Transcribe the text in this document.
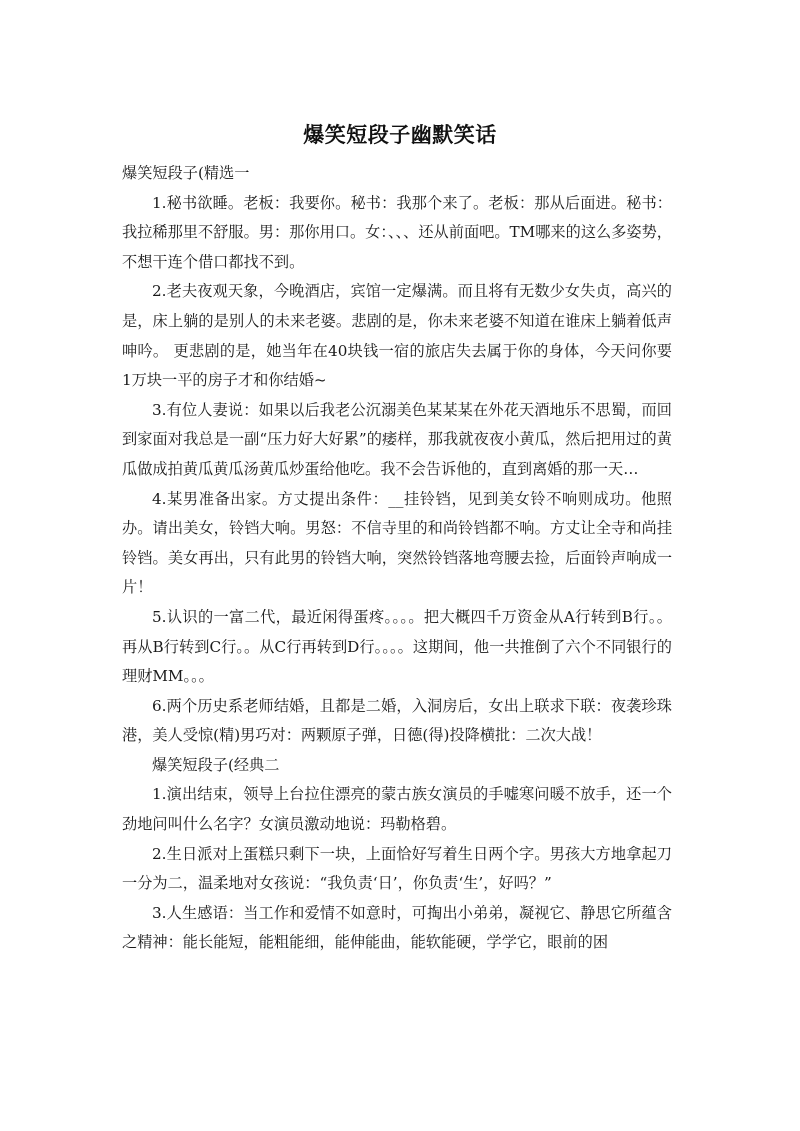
爆笑短段子幽默笑话

爆笑短段子(精选一

1.秘书欲睡。老板：我要你。秘书：我那个来了。老板：那从后面进。秘书：我拉稀那里不舒服。男：那你用口。女：、、、还从前面吧。TM哪来的这么多姿势，不想干连个借口都找不到。

2.老夫夜观天象，今晚酒店，宾馆一定爆满。而且将有无数少女失贞，高兴的是，床上躺的是别人的未来老婆。悲剧的是，你未来老婆不知道在谁床上躺着低声呻吟。 更悲剧的是，她当年在40块钱一宿的旅店失去属于你的身体，今天问你要1万块一平的房子才和你结婚~

3.有位人妻说：如果以后我老公沉溺美色某某某在外花天酒地乐不思蜀，而回到家面对我总是一副“压力好大好累”的痿样，那我就夜夜小黄瓜，然后把用过的黄瓜做成拍黄瓜黄瓜汤黄瓜炒蛋给他吃。我不会告诉他的，直到离婚的那一天…

4.某男准备出家。方丈提出条件：__挂铃铛，见到美女铃不响则成功。他照办。请出美女，铃铛大响。男怒：不信寺里的和尚铃铛都不响。方丈让全寺和尚挂铃铛。美女再出，只有此男的铃铛大响，突然铃铛落地弯腰去捡，后面铃声响成一片！

5.认识的一富二代，最近闲得蛋疼。。。。把大概四千万资金从A行转到B行。。再从B行转到C行。。从C行再转到D行。。。。这期间，他一共推倒了六个不同银行的理财MM。。。

6.两个历史系老师结婚，且都是二婚，入洞房后，女出上联求下联：夜袭珍珠港，美人受惊(精)男巧对：两颗原子弹，日德(得)投降横批：二次大战！

爆笑短段子(经典二

1.演出结束，领导上台拉住漂亮的蒙古族女演员的手嘘寒问暖不放手，还一个劲地问叫什么名字？女演员激动地说：玛勒格碧。

2.生日派对上蛋糕只剩下一块，上面恰好写着生日两个字。男孩大方地拿起刀一分为二，温柔地对女孩说：“我负责‘日’，你负责‘生’，好吗？”

3.人生感语：当工作和爱情不如意时，可掏出小弟弟，凝视它、静思它所蕴含之精神：能长能短，能粗能细，能伸能曲，能软能硬，学学它，眼前的困
